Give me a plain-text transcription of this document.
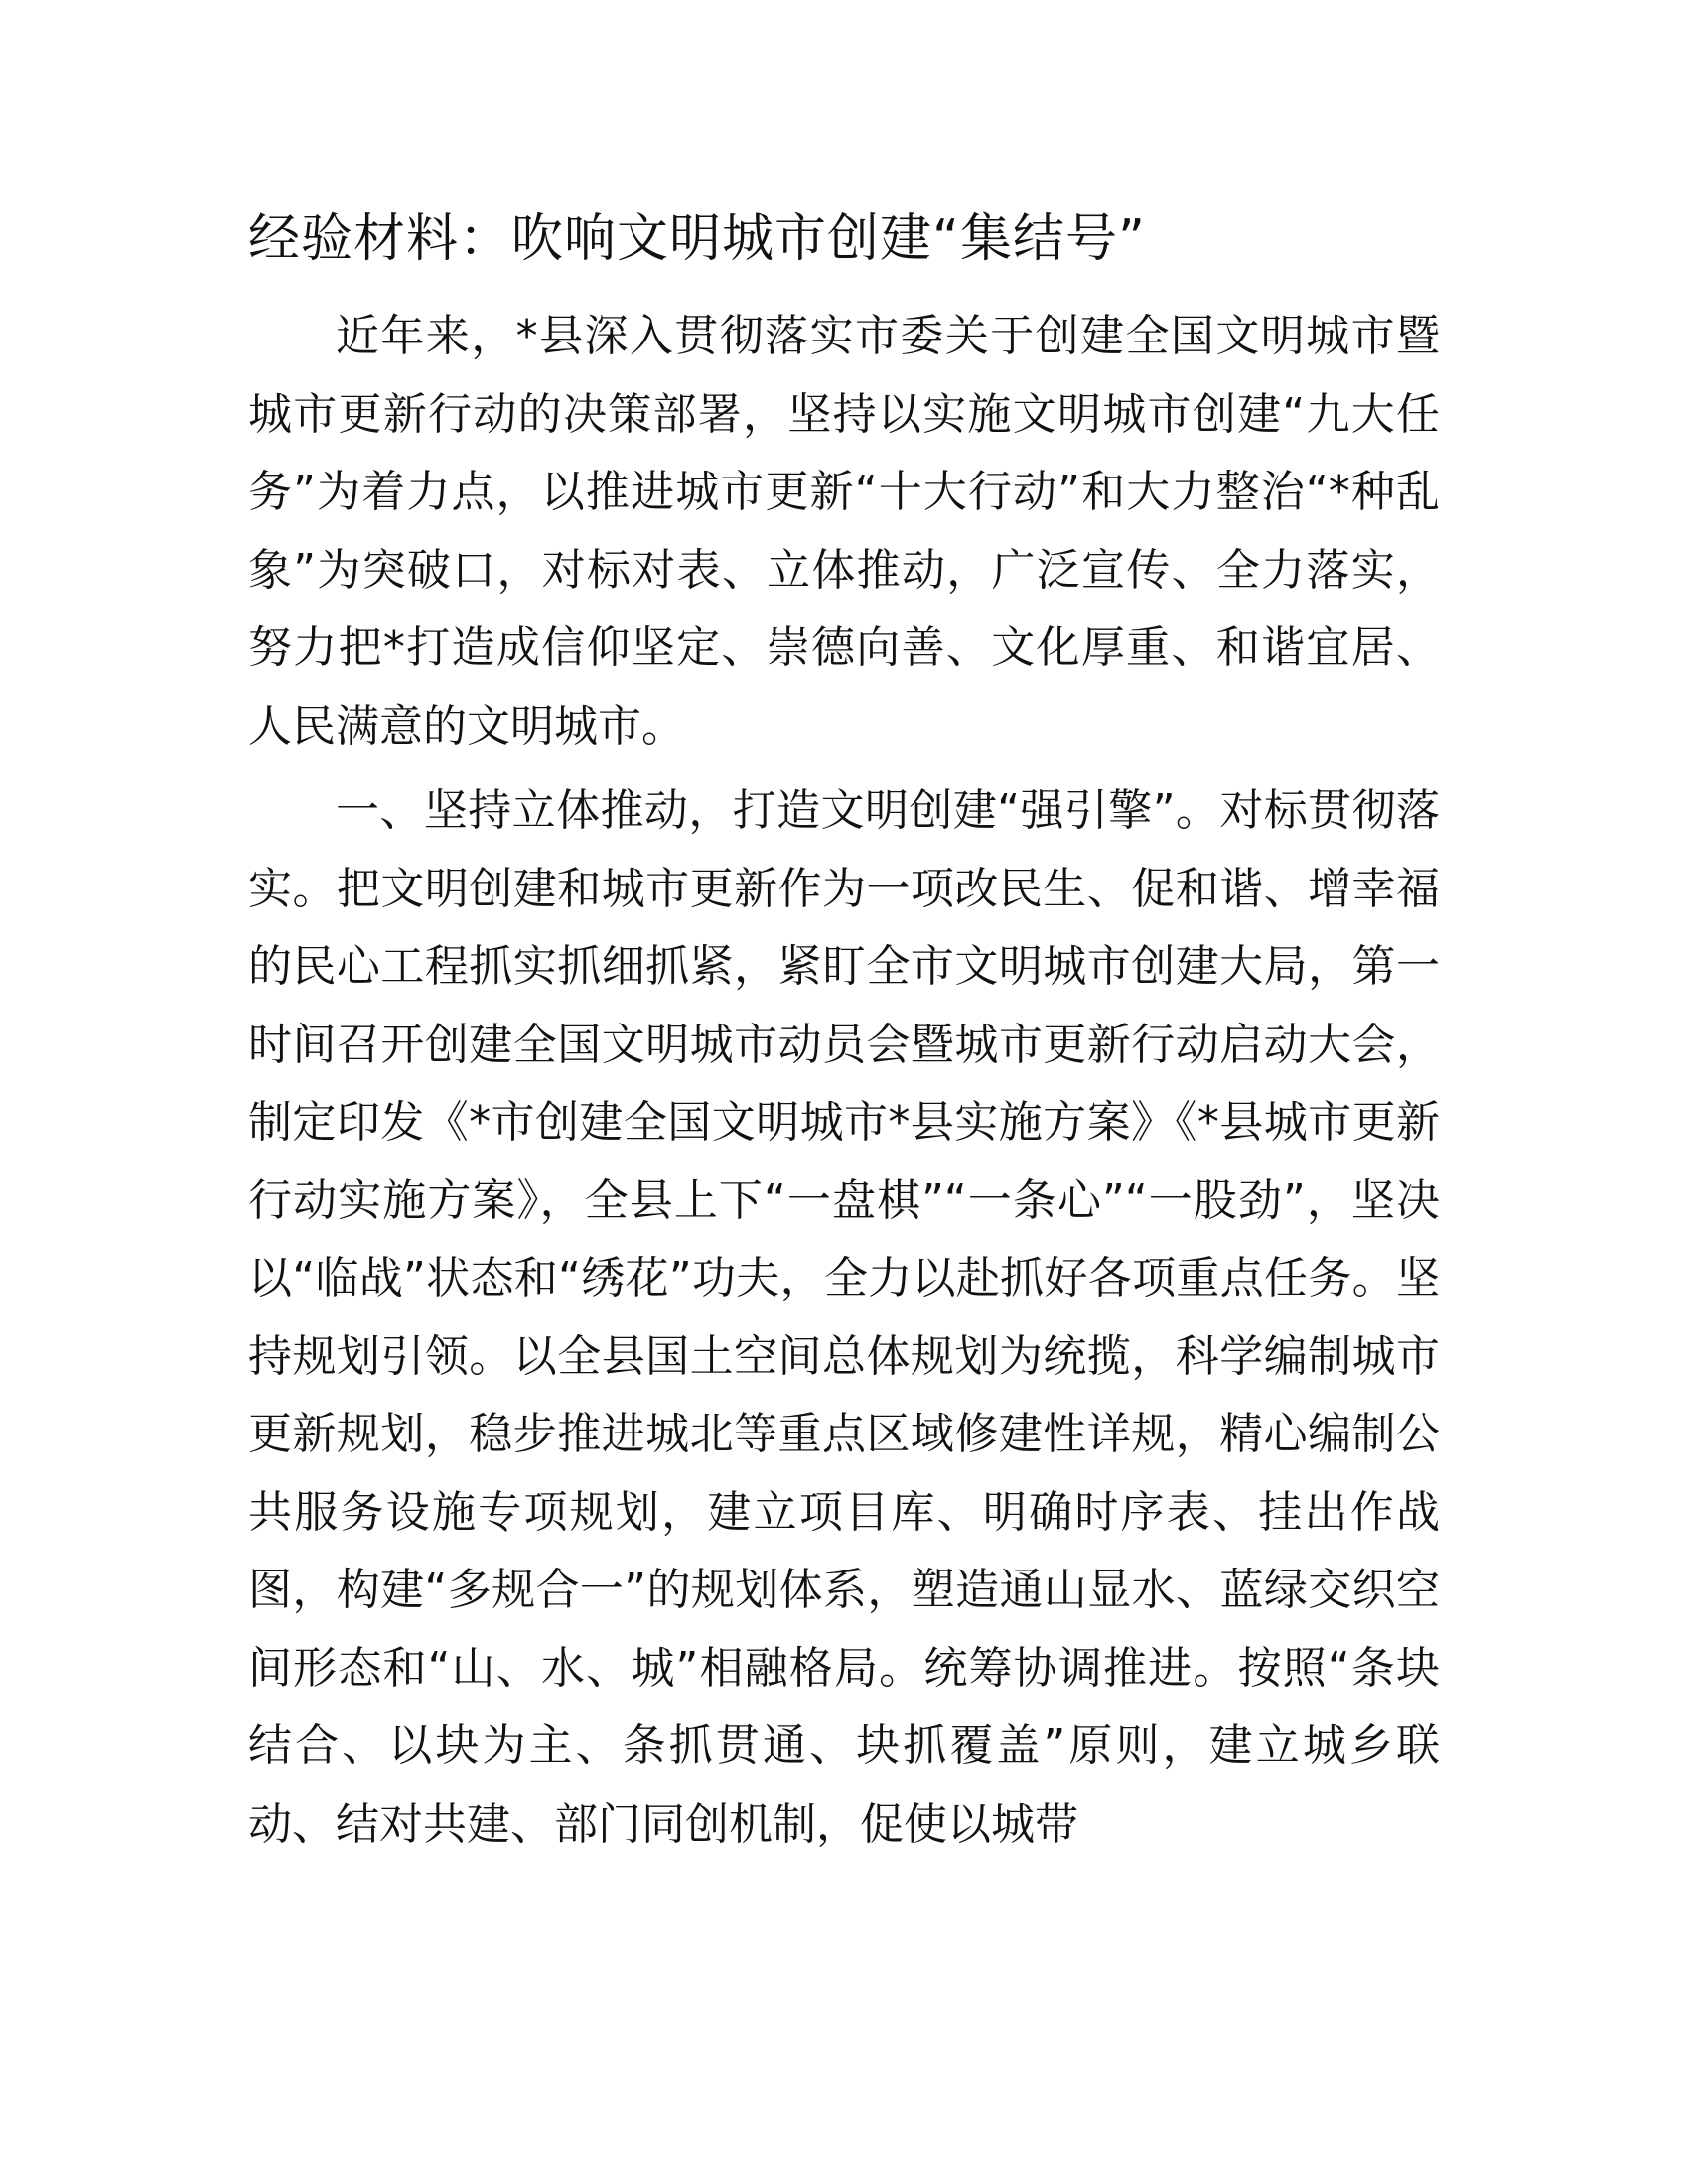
经验材料：吹响文明城市创建“集结号”

近年来，*县深入贯彻落实市委关于创建全国文明城市暨城市更新行动的决策部署，坚持以实施文明城市创建“九大任务”为着力点，以推进城市更新“十大行动”和大力整治“*种乱象”为突破口，对标对表、立体推动，广泛宣传、全力落实，努力把*打造成信仰坚定、崇德向善、文化厚重、和谐宜居、人民满意的文明城市。

一、坚持立体推动，打造文明创建“强引擎”。对标贯彻落实。把文明创建和城市更新作为一项改民生、促和谐、增幸福的民心工程抓实抓细抓紧，紧盯全市文明城市创建大局，第一时间召开创建全国文明城市动员会暨城市更新行动启动大会，制定印发《*市创建全国文明城市*县实施方案》《*县城市更新行动实施方案》，全县上下“一盘棋”“一条心”“一股劲”，坚决以“临战”状态和“绣花”功夫，全力以赴抓好各项重点任务。坚持规划引领。以全县国土空间总体规划为统揽，科学编制城市更新规划，稳步推进城北等重点区域修建性详规，精心编制公共服务设施专项规划，建立项目库、明确时序表、挂出作战图，构建“多规合一”的规划体系，塑造通山显水、蓝绿交织空间形态和“山、水、城”相融格局。统筹协调推进。按照“条块结合、以块为主、条抓贯通、块抓覆盖”原则，建立城乡联动、结对共建、部门同创机制，促使以城带
